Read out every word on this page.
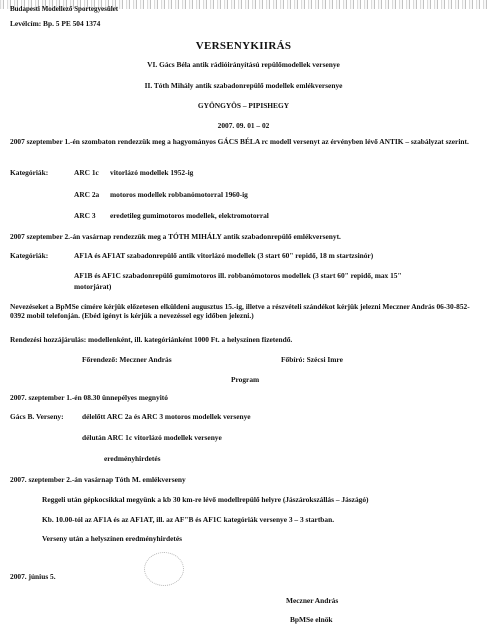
Budapesti Modellező Sportegyesület
Levélcím: Bp. 5 PE 504 1374
VERSENYKIIRÁS
VI. Gács Béla antik rádióirányítású repülőmodellek versenye
II. Tóth Mihály antik szabadonrepülő modellek emlékversenye
GYÖNGYÖS – PIPISHEGY
2007. 09. 01 – 02
2007 szeptember 1.-én szombaton rendezzük meg a hagyományos GÁCS BÉLA rc modell versenyt az érvényben lévő ANTIK – szabályzat szerint.
Kategóriák:	ARC 1c vitorlázó modellek 1952-ig
ARC 2a motoros modellek robbanómotorral 1960-ig
ARC 3 eredetileg gumimotoros modellek, elektromotorral
2007 szeptember 2.-án vasárnap rendezzük meg a TÓTH MIHÁLY antik szabadonrepülő emlékversenyt.
Kategóriák:	AF1A és AF1AT szabadonrepülő antik vitorlázó modellek (3 start 60" repidő, 18 m startzsinór)
AF1B és AF1C szabadonrepülő gumimotoros ill. robbanómotoros modellek (3 start 60" repidő, max 15"
motorjárat)
Nevezéseket a BpMSe címére kérjük előzetesen elküldeni augusztus 15.-ig, illetve a részvételi szándékot kérjük jelezni Meczner András 06-30-852-0392 mobil telefonján. (Ebéd igényt is kérjük a nevezéssel egy időben jelezni.)
Rendezési hozzájárulás: modellenként, ill. kategóriánként 1000 Ft. a helyszínen fizetendő.
Főrendező: Meczner András	Főbíró: Szécsi Imre
Program
2007. szeptember 1.-én 08.30 ünnepélyes megnyitó
Gács B. Verseny: délelőtt ARC 2a és ARC 3 motoros modellek versenye
délután ARC 1c vitorlázó modellek versenye
eredményhirdetés
2007. szeptember 2.-án vasárnap Tóth M. emlékverseny
Reggeli után gépkocsikkal megyünk a kb 30 km-re lévő modellrepülő helyre (Jászárokszállás – Jászágó)
Kb. 10.00-tól az AF1A és az AF1AT, ill. az AF"B és AF1C kategóriák versenye 3 – 3 startban.
Verseny után a helyszínen eredményhirdetés
2007. június 5.
Meczner András
BpMSe elnök
